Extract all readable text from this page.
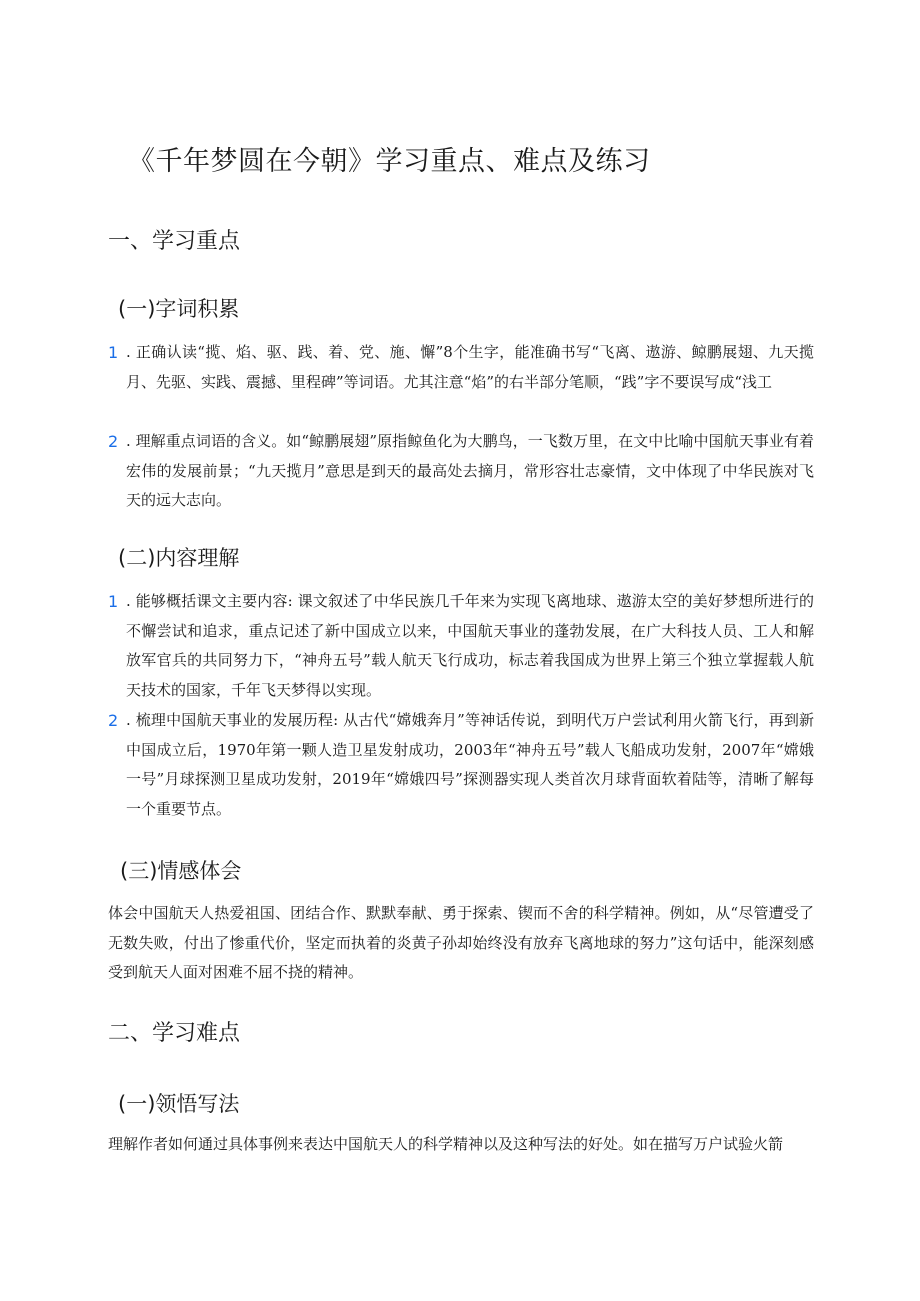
《千年梦圆在今朝》学习重点、难点及练习
一、学习重点
(一)字词积累
1 . 正确认读“揽、焰、驱、践、着、党、施、懈”8个生字，能准确书写“飞离、遨游、鲸鹏展翅、九天揽月、先驱、实践、震撼、里程碑”等词语。尤其注意“焰”的右半部分笔顺，“践”字不要误写成“浅工
2 . 理解重点词语的含义。如“鲸鹏展翅”原指鲸鱼化为大鹏鸟，一飞数万里，在文中比喻中国航天事业有着宏伟的发展前景；“九天揽月”意思是到天的最高处去摘月，常形容壮志豪情，文中体现了中华民族对飞天的远大志向。
(二)内容理解
1 . 能够概括课文主要内容: 课文叙述了中华民族几千年来为实现飞离地球、遨游太空的美好梦想所进行的不懈尝试和追求，重点记述了新中国成立以来，中国航天事业的蓬勃发展，在广大科技人员、工人和解放军官兵的共同努力下，“神舟五号”载人航天飞行成功，标志着我国成为世界上第三个独立掌握载人航天技术的国家，千年飞天梦得以实现。
2 . 梳理中国航天事业的发展历程: 从古代“嫦娥奔月”等神话传说，到明代万户尝试利用火箭飞行，再到新中国成立后，1970年第一颗人造卫星发射成功，2003年“神舟五号”载人飞船成功发射，2007年“嫦娥一号”月球探测卫星成功发射，2019年“嫦娥四号”探测器实现人类首次月球背面软着陆等，清晰了解每一个重要节点。
(三)情感体会

体会中国航天人热爱祖国、团结合作、默默奉献、勇于探索、锲而不舍的科学精神。例如，从“尽管遭受了无数失败，付出了惨重代价，坚定而执着的炎黄子孙却始终没有放弃飞离地球的努力”这句话中，能深刻感受到航天人面对困难不屈不挠的精神。

二、学习难点
(一)领悟写法

理解作者如何通过具体事例来表达中国航天人的科学精神以及这种写法的好处。如在描写万户试验火箭
